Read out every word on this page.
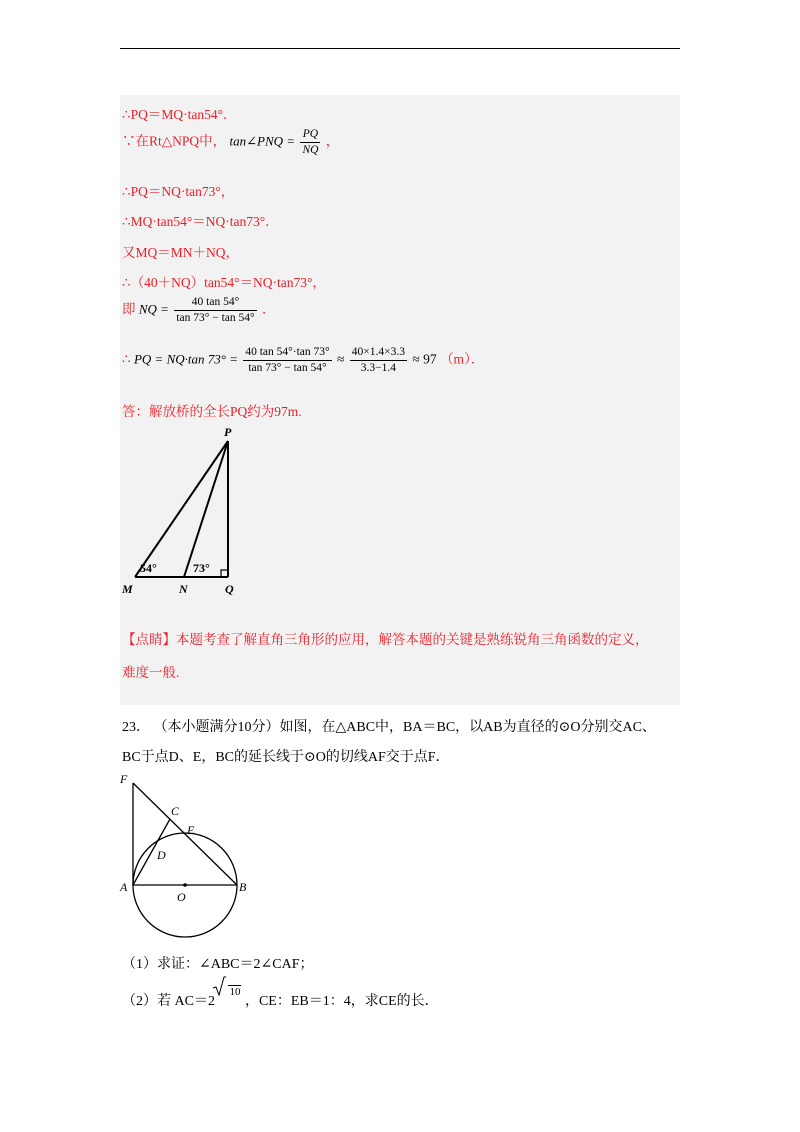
∴PQ＝MQ·tan54°．
∵在Rt△NPQ中， tan∠PNQ = $\frac{PQ}{NQ}$ ，
∴PQ＝NQ·tan73°，
∴MQ·tan54°＝NQ·tan73°．
又MQ＝MN＋NQ，
∴（40＋NQ）tan54°＝NQ·tan73°，
即 NQ = $\frac{40 \tan 54^\circ}{\tan 73^\circ - \tan 54^\circ}$ ．
∴ PQ = NQ·tan $73^\circ = \frac{40 \tan 54^\circ\cdot\tan 73^\circ}{\tan 73^\circ - \tan 54^\circ} \approx \frac{40\times 1.4\times 3.3}{3.3-1.4} \approx 97$ （m）．
答：解放桥的全长PQ约为97m.
P
M	N	Q
54°	73°
【点睛】本题考查了解直角三角形的应用，解答本题的关键是熟练锐角三角函数的定义，
难度一般.
23． （本小题满分10分）如图，在△ABC中，BA＝BC，以AB为直径的⊙O分别交AC、
BC于点D、E，BC的延长线于⊙O的切线AF交于点F．
F
C
E
D
A
O
B
（1）求证：∠ABC＝2∠CAF；
（2）若 AC＝2 10 ，CE：EB＝1：4，求CE的长．
